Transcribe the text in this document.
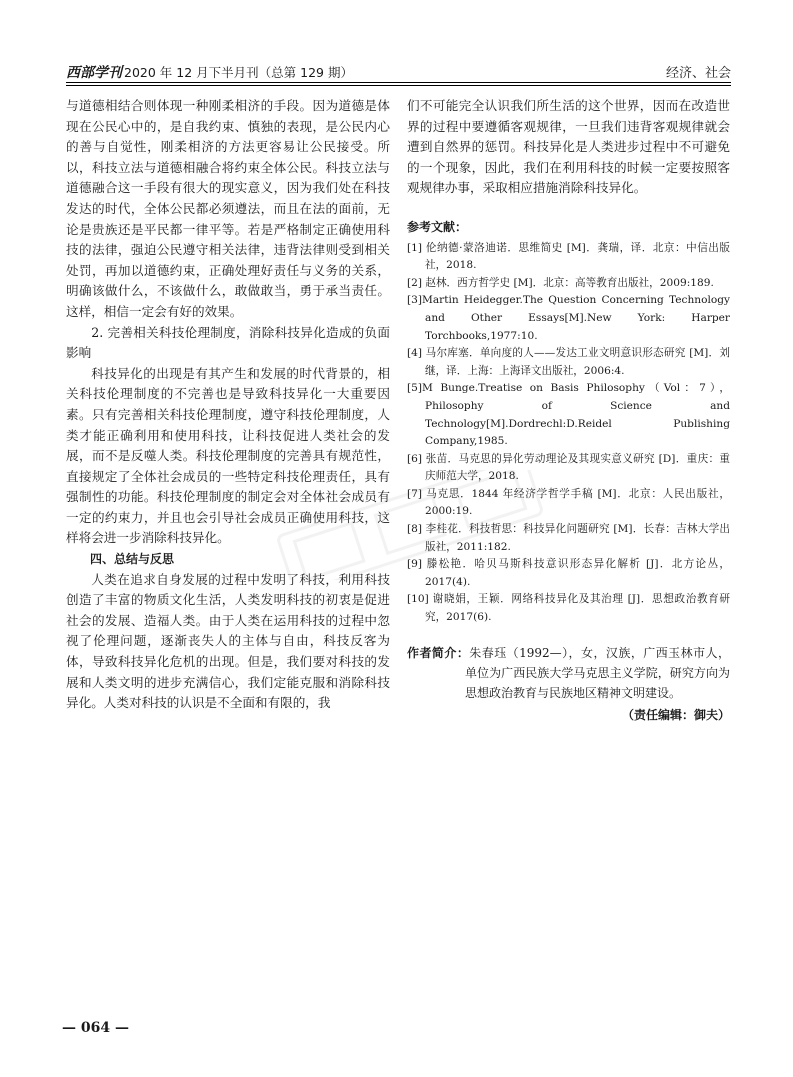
西部学刊 2020 年 12 月下半月刊（总第 129 期）	经济、社会

与道德相结合则体现一种刚柔相济的手段。因为道德是体现在公民心中的，是自我约束、慎独的表现，是公民内心的善与自觉性，刚柔相济的方法更容易让公民接受。所以，科技立法与道德相融合将约束全体公民。科技立法与道德融合这一手段有很大的现实意义，因为我们处在科技发达的时代，全体公民都必须遵法，而且在法的面前，无论是贵族还是平民都一律平等。若是严格制定正确使用科技的法律，强迫公民遵守相关法律，违背法律则受到相关处罚，再加以道德约束，正确处理好责任与义务的关系，明确该做什么，不该做什么，敢做敢当，勇于承当责任。这样，相信一定会有好的效果。

2. 完善相关科技伦理制度，消除科技异化造成的负面影响

科技异化的出现是有其产生和发展的时代背景的，相关科技伦理制度的不完善也是导致科技异化一大重要因素。只有完善相关科技伦理制度，遵守科技伦理制度，人类才能正确利用和使用科技，让科技促进人类社会的发展，而不是反噬人类。科技伦理制度的完善具有规范性，直接规定了全体社会成员的一些特定科技伦理责任，具有强制性的功能。科技伦理制度的制定会对全体社会成员有一定的约束力，并且也会引导社会成员正确使用科技，这样将会进一步消除科技异化。

四、总结与反思

人类在追求自身发展的过程中发明了科技，利用科技创造了丰富的物质文化生活，人类发明科技的初衷是促进社会的发展、造福人类。由于人类在运用科技的过程中忽视了伦理问题，逐渐丧失人的主体与自由，科技反客为体，导致科技异化危机的出现。但是，我们要对科技的发展和人类文明的进步充满信心，我们定能克服和消除科技异化。人类对科技的认识是不全面和有限的，我

们不可能完全认识我们所生活的这个世界，因而在改造世界的过程中要遵循客观规律，一旦我们违背客观规律就会遭到自然界的惩罚。科技异化是人类进步过程中不可避免的一个现象，因此，我们在利用科技的时候一定要按照客观规律办事，采取相应措施消除科技异化。

参考文献：

[1] 伦纳德·蒙洛迪诺．思维简史 [M]．龚瑞，译．北京：中信出版社，2018.

[2] 赵林．西方哲学史 [M]．北京：高等教育出版社，2009:189.

[3]Martin Heidegger.The Question Concerning Technology and Other Essays[M].New York: Harper Torchbooks,1977:10.

[4] 马尔库塞．单向度的人——发达工业文明意识形态研究 [M]．刘继，译．上海：上海译文出版社，2006:4.

[5]M Bunge.Treatise on Basis Philosophy（Vol：7），Philosophy of Science and Technology[M].Dordrechl:D.Reidel Publishing Company,1985.

[6] 张苗．马克思的异化劳动理论及其现实意义研究 [D]．重庆：重庆师范大学，2018.

[7] 马克思．1844 年经济学哲学手稿 [M]．北京：人民出版社，2000:19.

[8] 李桂花．科技哲思：科技异化问题研究 [M]．长春：吉林大学出版社，2011:182.

[9] 滕松艳．哈贝马斯科技意识形态异化解析 [J]．北方论丛，2017(4).

[10] 谢晓娟，王颖．网络科技异化及其治理 [J]．思想政治教育研究，2017(6).

作者简介：朱春珏（1992—），女，汉族，广西玉林市人，单位为广西民族大学马克思主义学院，研究方向为思想政治教育与民族地区精神文明建设。

（责任编辑：御夫）

— 064 —
